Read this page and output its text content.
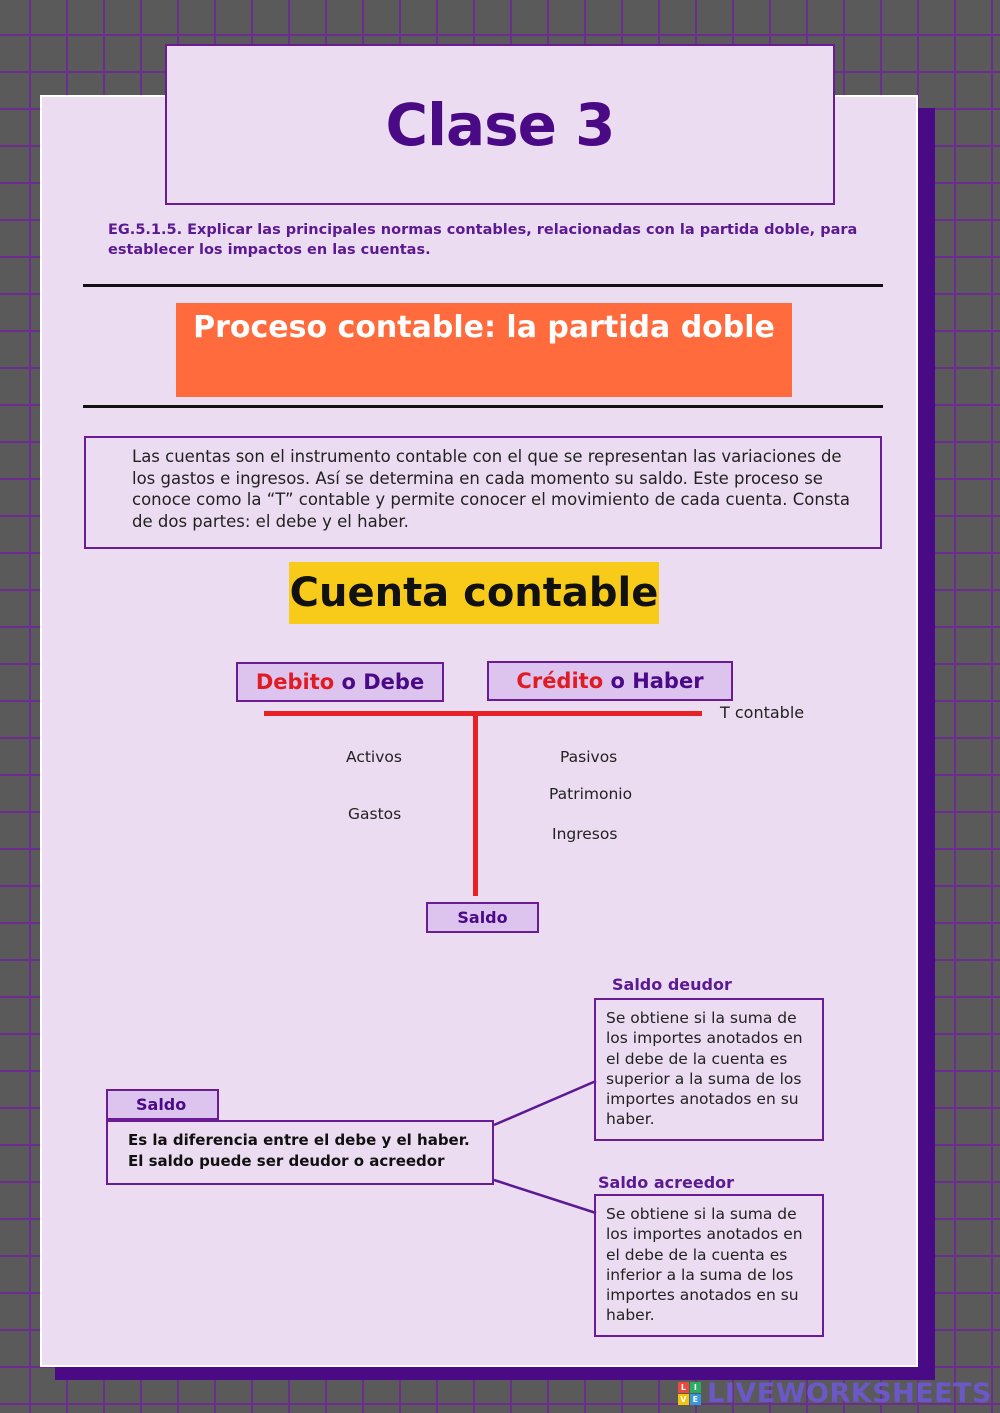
Clase 3
EG.5.1.5. Explicar las principales normas contables, relacionadas con la partida doble, para establecer los impactos en las cuentas.
Proceso contable: la partida doble
Las cuentas son el instrumento contable con el que se representan las variaciones de los gastos e ingresos. Así se determina en cada momento su saldo. Este proceso se conoce como la “T” contable y permite conocer el movimiento de cada cuenta. Consta de dos partes: el debe y el haber.
Cuenta contable
Debito o Debe	Crédito o Haber
T contable
Activos
Gastos
Pasivos
Patrimonio
Ingresos
Saldo
Saldo deudor
Se obtiene si la suma de los importes anotados en el debe de la cuenta es superior a la suma de los importes anotados en su haber.
Saldo acreedor
Se obtiene si la suma de los importes anotados en el debe de la cuenta es inferior a la suma de los importes anotados en su haber.
Saldo
Es la diferencia entre el debe y el haber. El saldo puede ser deudor o acreedor
L I
V E LIVEWORKSHEETS
